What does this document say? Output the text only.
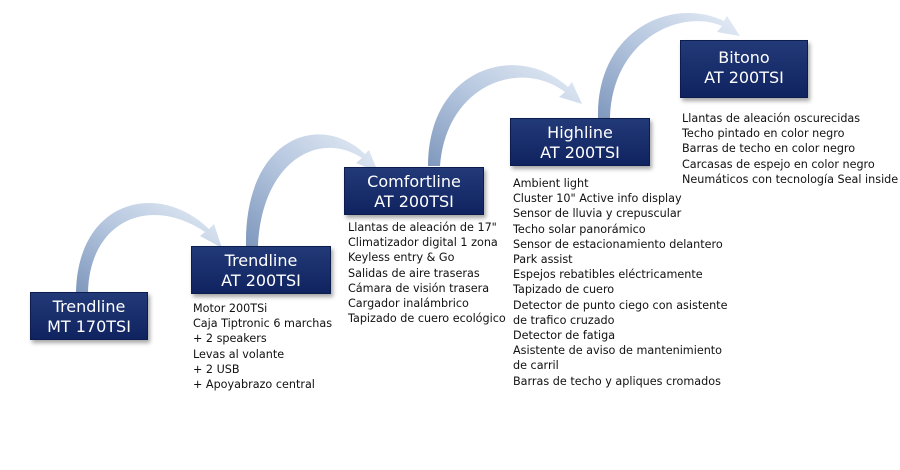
Trendline
MT 170TSI
Trendline
AT 200TSI
Comfortline
AT 200TSI
Highline
AT 200TSI
Bitono
AT 200TSI
Motor 200TSi
Caja Tiptronic 6 marchas
+ 2 speakers
Levas al volante
+ 2 USB
+ Apoyabrazo central
Llantas de aleación de 17"
Climatizador digital 1 zona
Keyless entry & Go
Salidas de aire traseras
Cámara de visión trasera
Cargador inalámbrico
Tapizado de cuero ecológico
Ambient light
Cluster 10" Active info display
Sensor de lluvia y crepuscular
Techo solar panorámico
Sensor de estacionamiento delantero
Park assist
Espejos rebatibles eléctricamente
Tapizado de cuero
Detector de punto ciego con asistente
de trafico cruzado
Detector de fatiga
Asistente de aviso de mantenimiento
de carril
Barras de techo y apliques cromados
Llantas de aleación oscurecidas
Techo pintado en color negro
Barras de techo en color negro
Carcasas de espejo en color negro
Neumáticos con tecnología Seal inside
